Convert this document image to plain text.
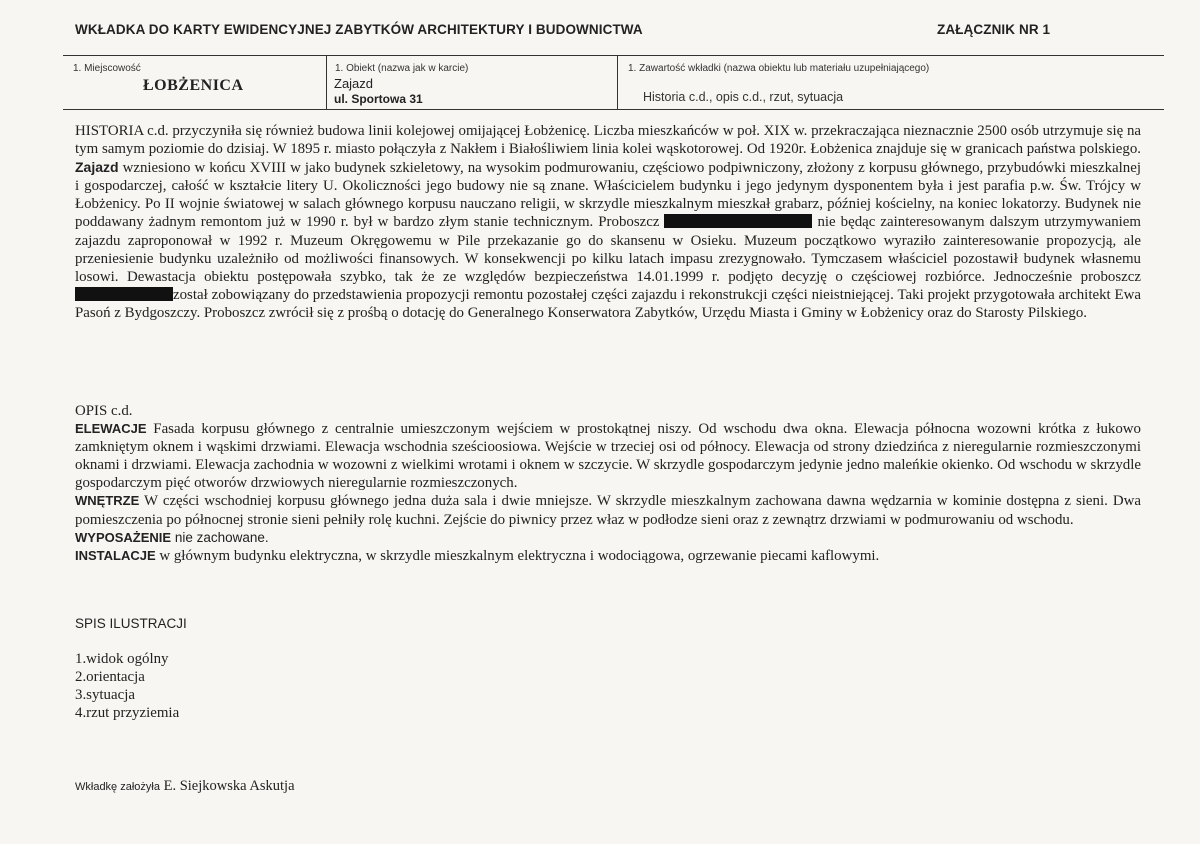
WKŁADKA DO KARTY EWIDENCYJNEJ ZABYTKÓW ARCHITEKTURY I BUDOWNICTWA	ZAŁĄCZNIK NR 1
1. Miejscowość
ŁOBŻENICA
1. Obiekt (nazwa jak w karcie)
Zajazd
ul. Sportowa 31
1. Zawartość wkładki (nazwa obiektu lub materiału uzupełniającego)
Historia c.d., opis c.d., rzut, sytuacja

HISTORIA c.d. przyczyniła się również budowa linii kolejowej omijającej Łobżenicę. Liczba mieszkańców w poł. XIX w. przekraczająca nieznacznie 2500 osób utrzymuje się na tym samym poziomie do dzisiaj. W 1895 r. miasto połączyła z Nakłem i Białośliwiem linia kolei wąskotorowej. Od 1920r. Łobżenica znajduje się w granicach państwa polskiego. Zajazd wzniesiono w końcu XVIII w jako budynek szkieletowy, na wysokim podmurowaniu, częściowo podpiwniczony, złożony z korpusu głównego, przybudówki mieszkalnej i gospodarczej, całość w kształcie litery U. Okoliczności jego budowy nie są znane. Właścicielem budynku i jego jedynym dysponentem była i jest parafia p.w. Św. Trójcy w Łobżenicy. Po II wojnie światowej w salach głównego korpusu nauczano religii, w skrzydle mieszkalnym mieszkał grabarz, później kościelny, na koniec lokatorzy. Budynek nie poddawany żadnym remontom już w 1990 r. był w bardzo złym stanie technicznym. Proboszcz	nie będąc zainteresowanym dalszym utrzymywaniem zajazdu zaproponował w 1992 r. Muzeum Okręgowemu w Pile przekazanie go do skansenu w Osieku. Muzeum początkowo wyraziło zainteresowanie propozycją, ale przeniesienie budynku uzależniło od możliwości finansowych. W konsekwencji po kilku latach impasu zrezygnowało. Tymczasem właściciel pozostawił budynek własnemu losowi. Dewastacja obiektu postępowała szybko, tak że ze względów bezpieczeństwa 14.01.1999 r. podjęto decyzję o częściowej rozbiórce. Jednocześnie proboszczzostał zobowiązany do przedstawienia propozycji remontu pozostałej części zajazdu i rekonstrukcji części nieistniejącej. Taki projekt przygotowała architekt Ewa Pasoń z Bydgoszczy. Proboszcz zwrócił się z prośbą o dotację do Generalnego Konserwatora Zabytków, Urzędu Miasta i Gminy w Łobżenicy oraz do Starosty Pilskiego.

OPIS c.d.

ELEWACJE Fasada korpusu głównego z centralnie umieszczonym wejściem w prostokątnej niszy. Od wschodu dwa okna. Elewacja północna wozowni krótka z łukowo zamkniętym oknem i wąskimi drzwiami. Elewacja wschodnia sześcioosiowa. Wejście w trzeciej osi od północy. Elewacja od strony dziedzińca z nieregularnie rozmieszczonymi oknami i drzwiami. Elewacja zachodnia w wozowni z wielkimi wrotami i oknem w szczycie. W skrzydle gospodarczym jedynie jedno maleńkie okienko. Od wschodu w skrzydle gospodarczym pięć otworów drzwiowych nieregularnie rozmieszczonych.

WNĘTRZE W części wschodniej korpusu głównego jedna duża sala i dwie mniejsze. W skrzydle mieszkalnym zachowana dawna wędzarnia w kominie dostępna z sieni. Dwa pomieszczenia po północnej stronie sieni pełniły rolę kuchni. Zejście do piwnicy przez właz w podłodze sieni oraz z zewnątrz drzwiami w podmurowaniu od wschodu.

WYPOSAŻENIE nie zachowane.

INSTALACJE w głównym budynku elektryczna, w skrzydle mieszkalnym elektryczna i wodociągowa, ogrzewanie piecami kaflowymi.

SPIS ILUSTRACJI
1.widok ogólny
2.orientacja
3.sytuacja
4.rzut przyziemia
Wkładkę założyła E. Siejkowska Askutja
